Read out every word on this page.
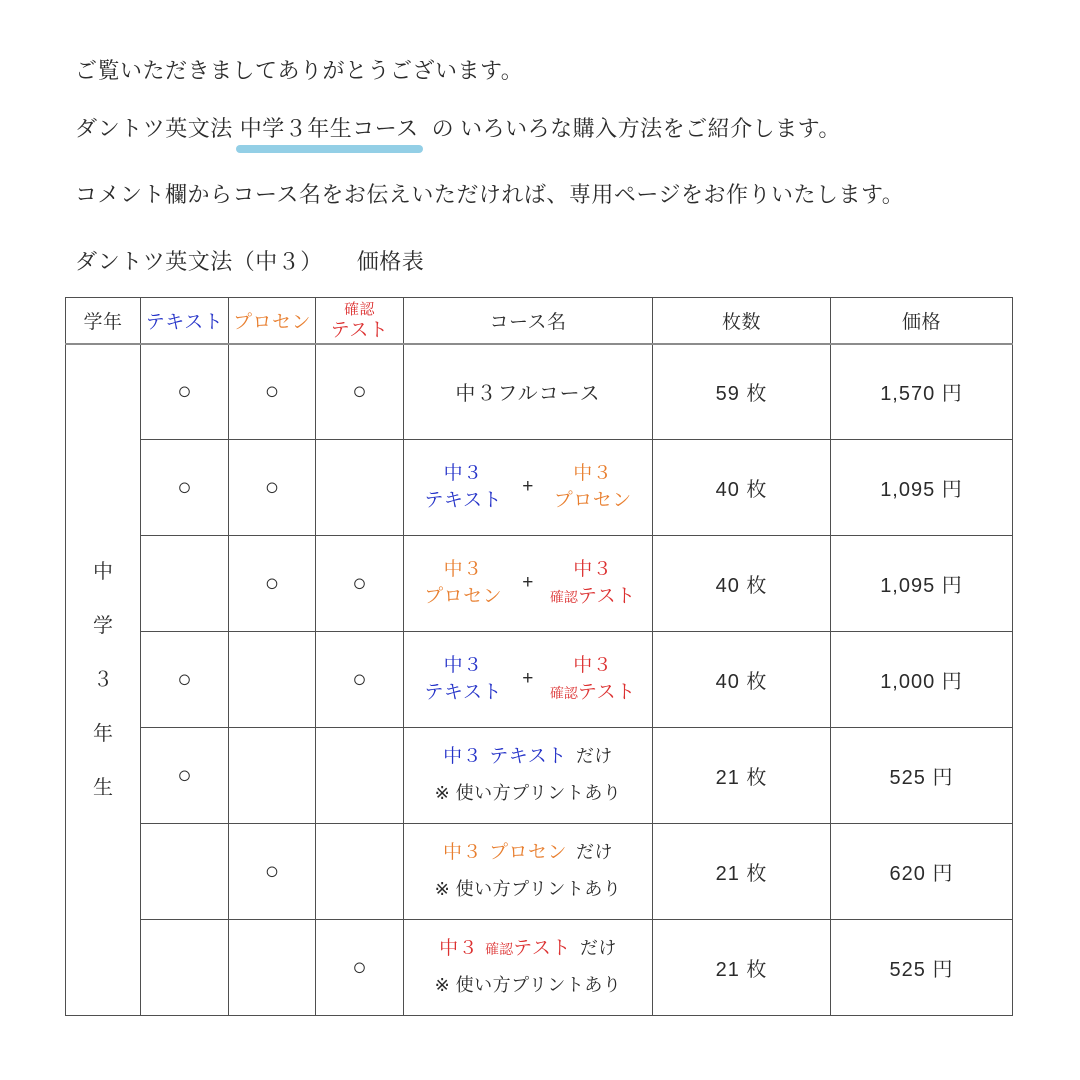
ご覧いただきましてありがとうございます。

ダントツ英文法 中学３年生コース の いろいろな購入方法をご紹介します。

コメント欄からコース名をお伝えいただければ、専用ページをお作りいたします。

ダントツ英文法（中３）　　価格表

学年	テキスト	プロセン	確認
テスト	コース名	枚数	価格

中
学
３
年
生	○	○	○	中３フルコース	59 枚	1,570 円
	○	○		中３
テキスト
+
中３
プロセン	40 枚	1,095 円
		○	○	中３
プロセン
+
中３
確認テスト	40 枚	1,095 円
	○		○	中３
テキスト
+
中３
確認テスト	40 枚	1,000 円
	○			中３ テキスト だけ
※ 使い方プリントあり	21 枚	525 円
		○		中３ プロセン だけ
※ 使い方プリントあり	21 枚	620 円
			○	中３ 確認テスト だけ
※ 使い方プリントあり	21 枚	525 円
